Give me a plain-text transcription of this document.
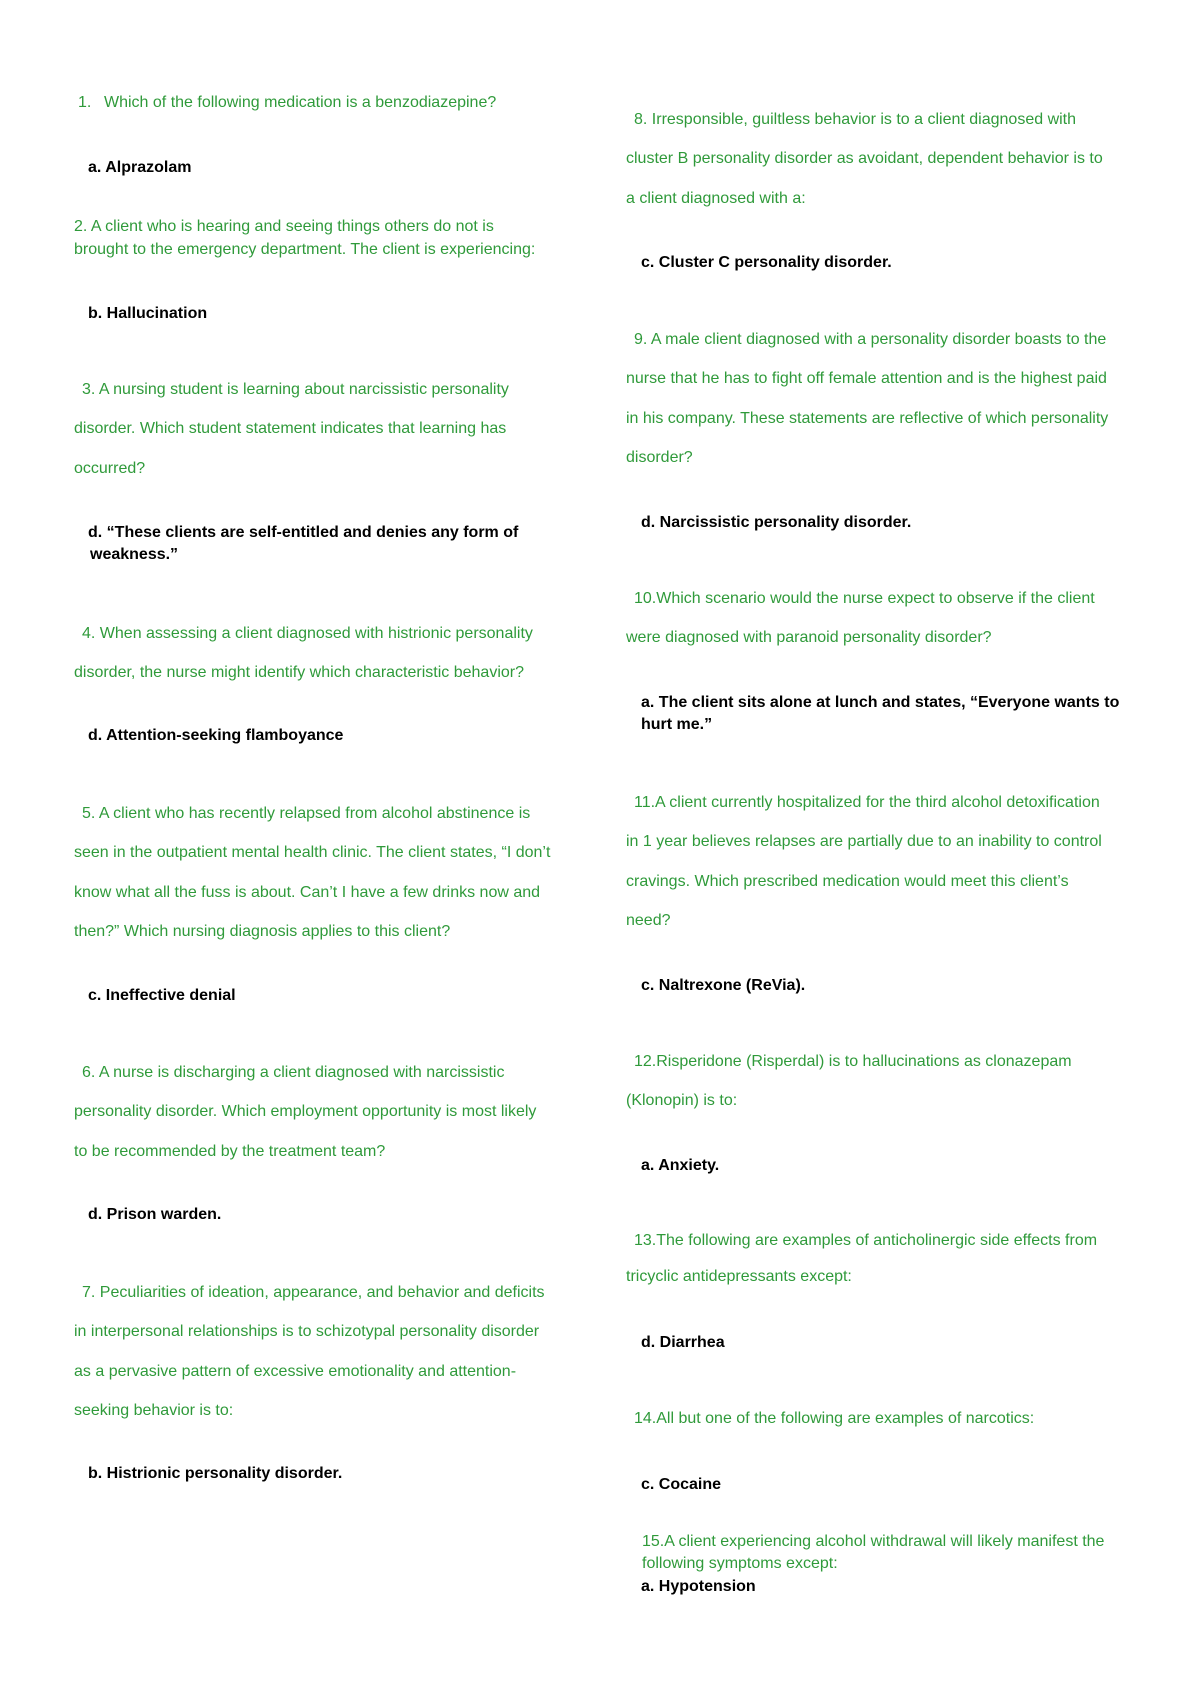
1. Which of the following medication is a benzodiazepine?

a. Alprazolam

2. A client who is hearing and seeing things others do not is

brought to the emergency department. The client is experiencing:

b. Hallucination

3. A nursing student is learning about narcissistic personality

disorder. Which student statement indicates that learning has

occurred?

d. “These clients are self-entitled and denies any form of

weakness.”

4. When assessing a client diagnosed with histrionic personality

disorder, the nurse might identify which characteristic behavior?

d. Attention-seeking flamboyance

5. A client who has recently relapsed from alcohol abstinence is

seen in the outpatient mental health clinic. The client states, “I don’t

know what all the fuss is about. Can’t I have a few drinks now and

then?” Which nursing diagnosis applies to this client?

c. Ineffective denial

6. A nurse is discharging a client diagnosed with narcissistic

personality disorder. Which employment opportunity is most likely

to be recommended by the treatment team?

d. Prison warden.

7. Peculiarities of ideation, appearance, and behavior and deficits

in interpersonal relationships is to schizotypal personality disorder

as a pervasive pattern of excessive emotionality and attention-

seeking behavior is to:

b. Histrionic personality disorder.

8. Irresponsible, guiltless behavior is to a client diagnosed with

cluster B personality disorder as avoidant, dependent behavior is to

a client diagnosed with a:

c. Cluster C personality disorder.

9. A male client diagnosed with a personality disorder boasts to the

nurse that he has to fight off female attention and is the highest paid

in his company. These statements are reflective of which personality

disorder?

d. Narcissistic personality disorder.

10.Which scenario would the nurse expect to observe if the client

were diagnosed with paranoid personality disorder?

a. The client sits alone at lunch and states, “Everyone wants to

hurt me.”

11.A client currently hospitalized for the third alcohol detoxification

in 1 year believes relapses are partially due to an inability to control

cravings. Which prescribed medication would meet this client’s

need?

c. Naltrexone (ReVia).

12.Risperidone (Risperdal) is to hallucinations as clonazepam

(Klonopin) is to:

a. Anxiety.

13.The following are examples of anticholinergic side effects from

tricyclic antidepressants except:

d. Diarrhea

14.All but one of the following are examples of narcotics:

c. Cocaine

15.A client experiencing alcohol withdrawal will likely manifest the

following symptoms except:

a. Hypotension
